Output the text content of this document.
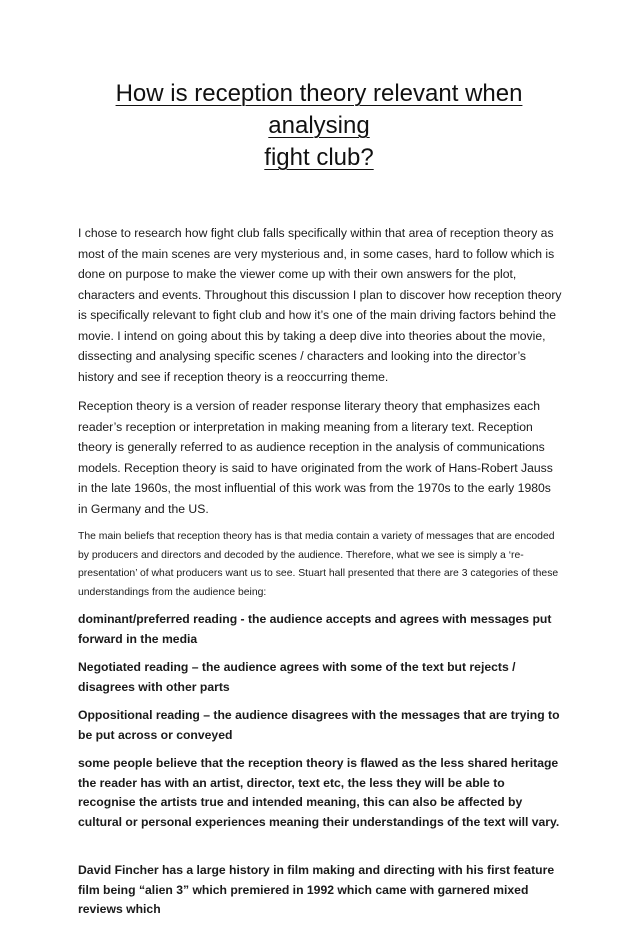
How is reception theory relevant when
analysing
fight club?

I chose to research how fight club falls specifically within that area of reception theory as most of the main scenes are very mysterious and, in some cases, hard to follow which is done on purpose to make the viewer come up with their own answers for the plot, characters and events. Throughout this discussion I plan to discover how reception theory is specifically relevant to fight club and how it’s one of the main driving factors behind the movie. I intend on going about this by taking a deep dive into theories about the movie, dissecting and analysing specific scenes / characters and looking into the director’s history and see if reception theory is a reoccurring theme.

Reception theory is a version of reader response literary theory that emphasizes each reader’s reception or interpretation in making meaning from a literary text. Reception theory is generally referred to as audience reception in the analysis of communications models. Reception theory is said to have originated from the work of Hans-Robert Jauss in the late 1960s, the most influential of this work was from the 1970s to the early 1980s in Germany and the US.

The main beliefs that reception theory has is that media contain a variety of messages that are encoded by producers and directors and decoded by the audience. Therefore, what we see is simply a ‘re-presentation’ of what producers want us to see. Stuart hall presented that there are 3 categories of these understandings from the audience being:

dominant/preferred reading - the audience accepts and agrees with messages put forward in the media

Negotiated reading – the audience agrees with some of the text but rejects / disagrees with other parts

Oppositional reading – the audience disagrees with the messages that are trying to be put across or conveyed

some people believe that the reception theory is flawed as the less shared heritage the reader has with an artist, director, text etc, the less they will be able to recognise the artists true and intended meaning, this can also be affected by cultural or personal experiences meaning their understandings of the text will vary.

David Fincher has a large history in film making and directing with his first feature film being “alien 3” which premiered in 1992 which came with garnered mixed reviews which
